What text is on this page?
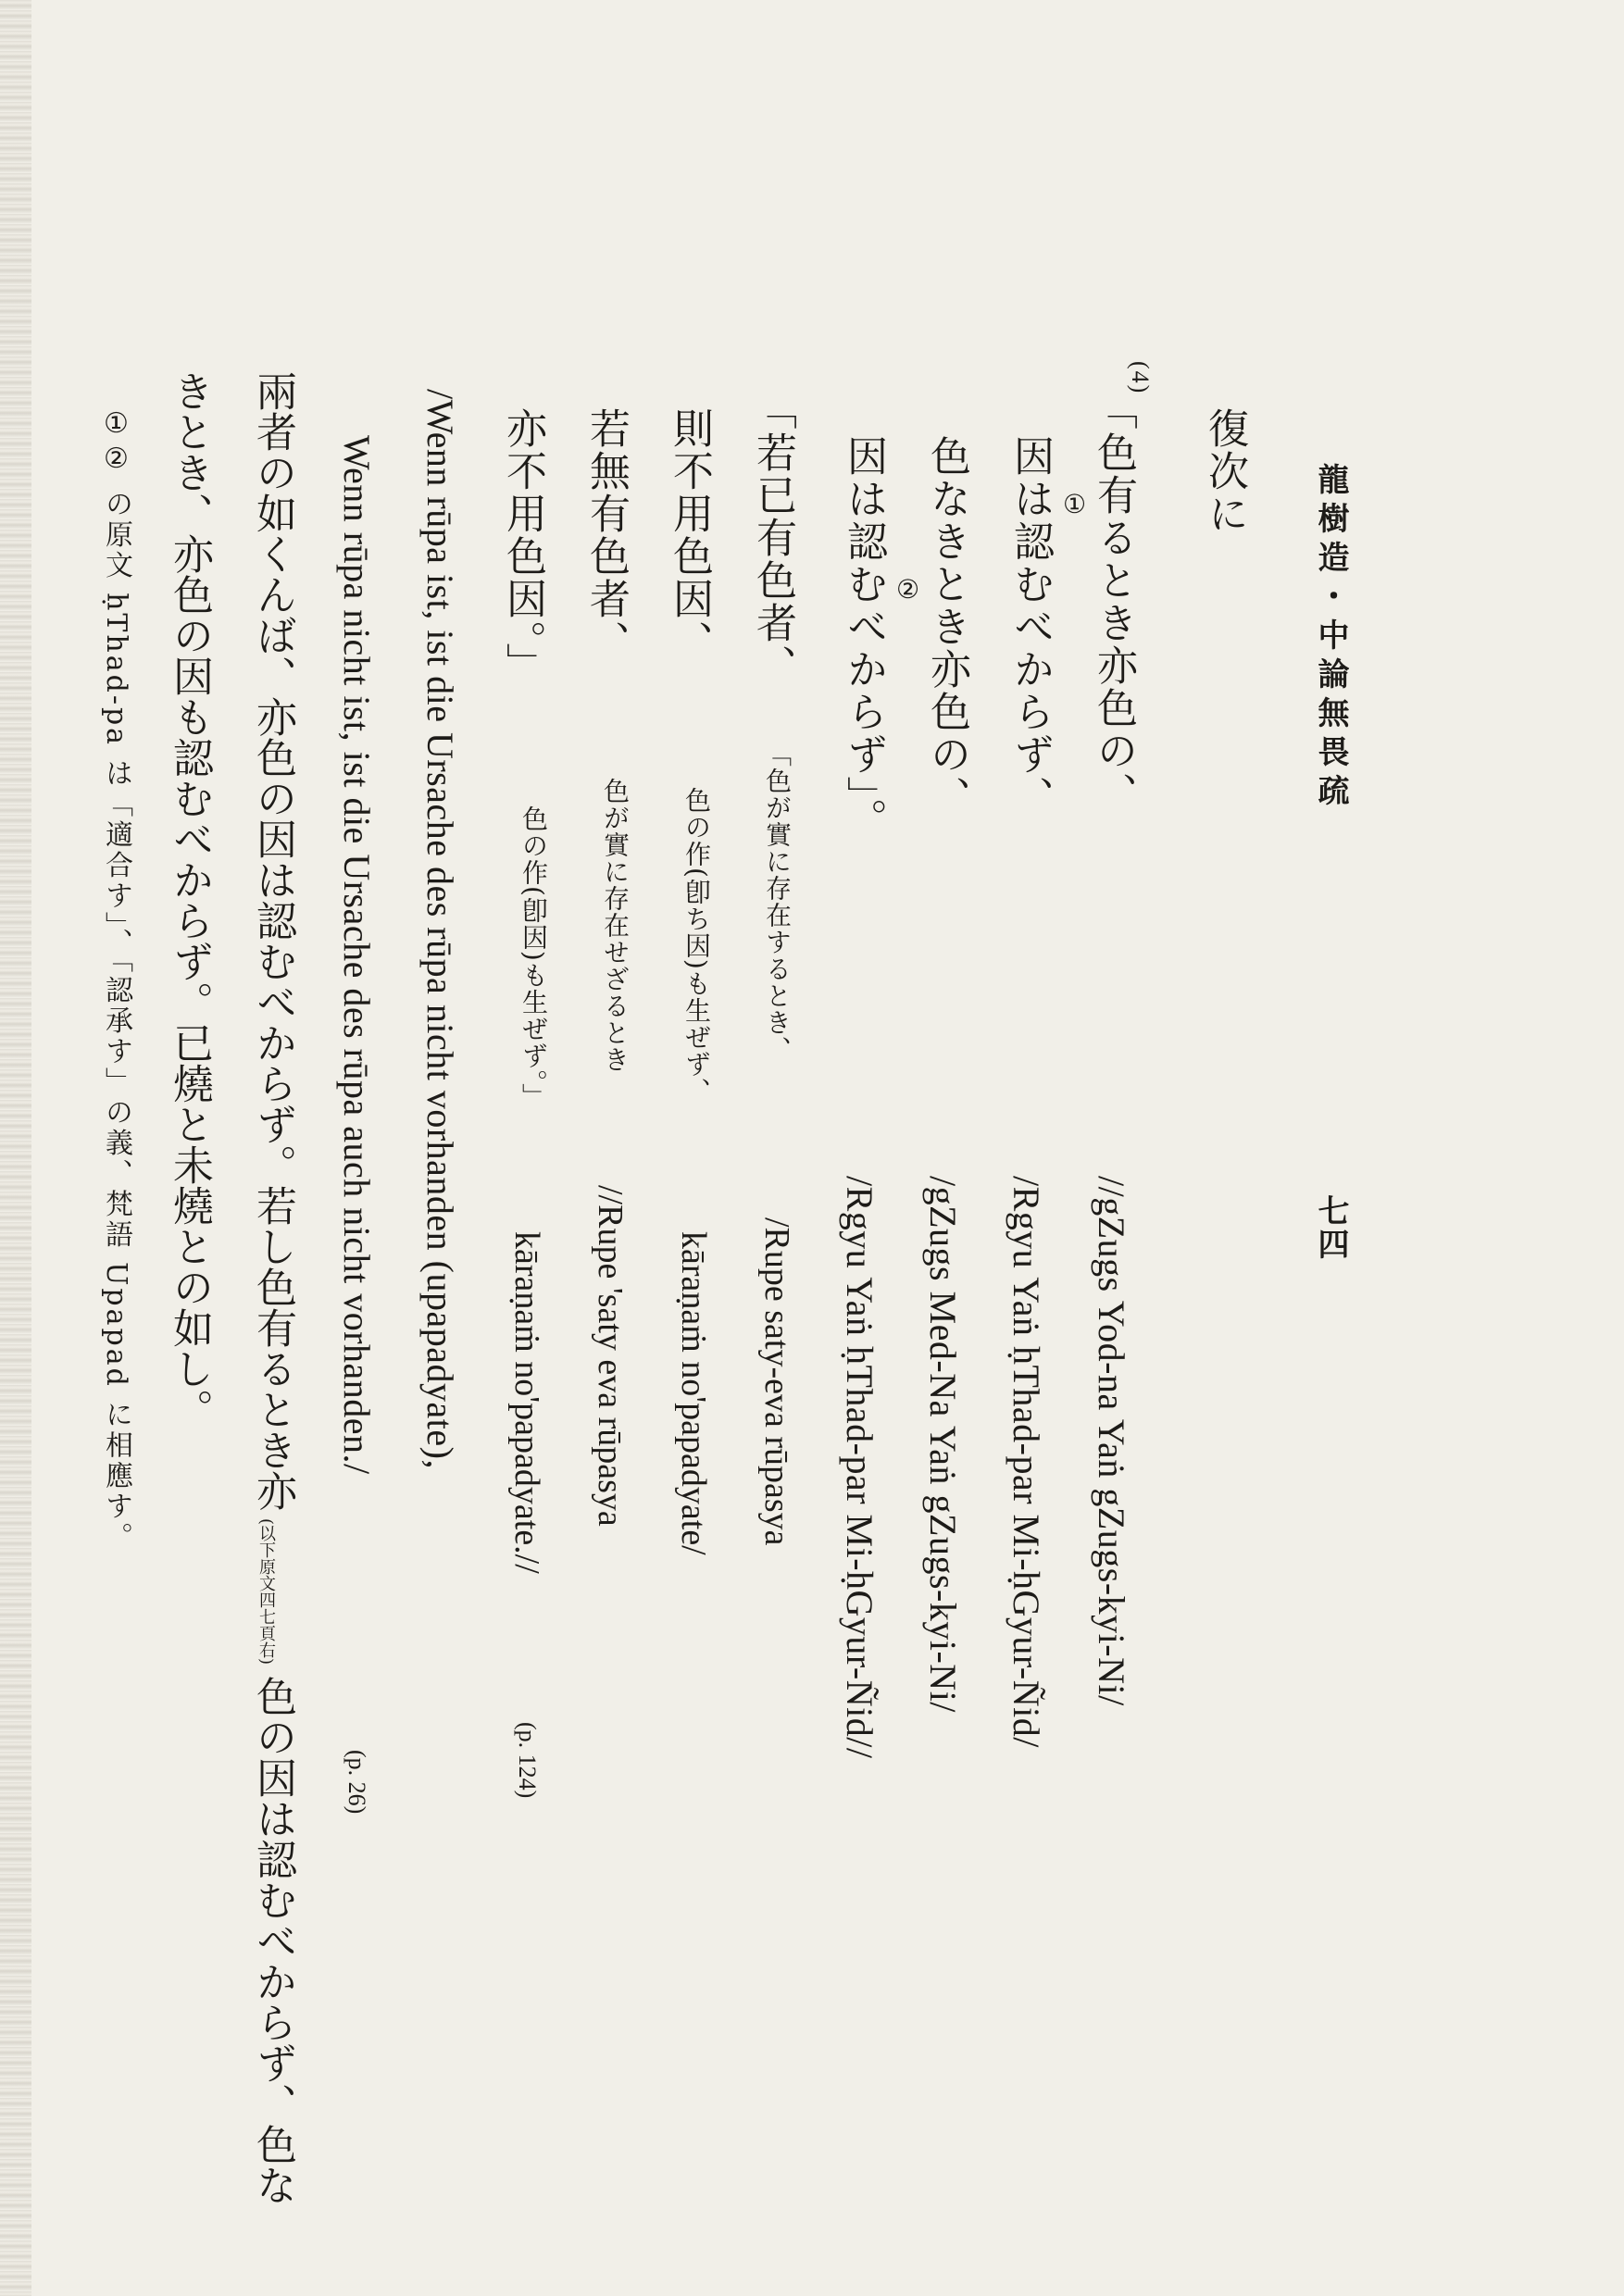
龍樹造・中論無畏疏
七四
復次に
(4)
「色有るとき亦色の、
①
因は認むべからず、
色なきとき亦色の、
②
因は認むべからず」。
//gZugs Yod-na Yaṅ gZugs-kyi-Ni/
/Rgyu Yaṅ ḥThad-par Mi-ḥGyur-Ñid/
/gZugs Med-Na Yaṅ gZugs-kyi-Ni/
/Rgyu Yaṅ ḥThad-par Mi-ḥGyur-Ñid//
「若已有色者、
則不用色因、
若無有色者、
亦不用色因。」
「色が實に存在するとき、
色の作(卽ち因)も生ぜず、
色が實に存在せざるとき
色の作(卽因)も生ぜず。」
/Rupe saty-eva rūpasya
kāraṇaṁ no'papadyate/
//Rupe 'saty eva rūpasya
kāraṇaṁ no'papadyate.//
(p. 124)
/Wenn rūpa ist, ist die Ursache des rūpa nicht vorhanden (upapadyate),
Wenn rūpa nicht ist, ist die Ursache des rūpa auch nicht vorhanden./
(p. 26)
兩者の如くんば、亦色の因は認むべからず。若し色有るとき亦
(以下原文四七頁右)
色の因は認むべからず、色な
きとき、亦色の因も認むべからず。已燒と未燒との如し。
①② の原文 ḥThad-pa は「適合す」、「認承す」の義、梵語 Upapad に相應す。
